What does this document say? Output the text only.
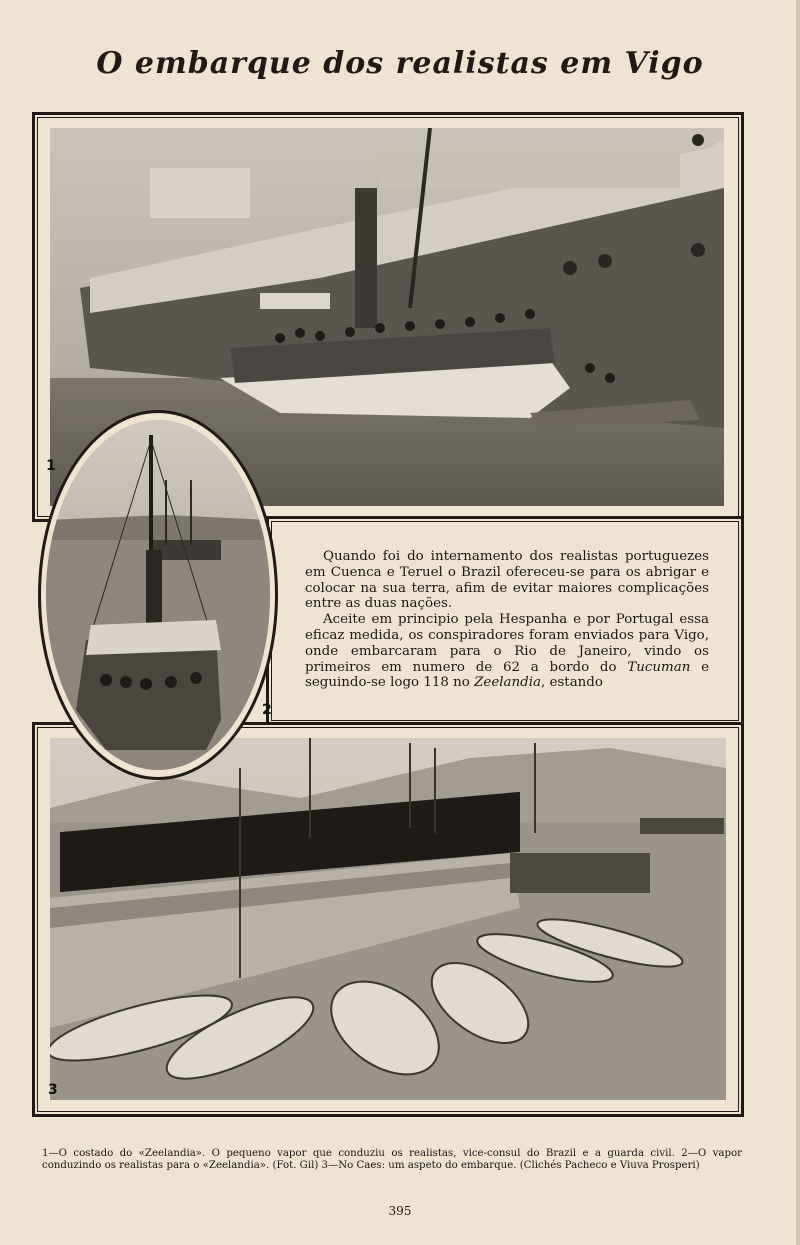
O embarque dos realistas em Vigo
1
3
2

Quando foi do internamento dos realistas portuguezes em Cuenca e Teruel o Brazil ofereceu-se para os abrigar e colocar na sua terra, afim de evitar maiores complicações entre as duas nações.

Aceite em principio pela Hespanha e por Portugal essa eficaz medida, os conspiradores foram enviados para Vigo, onde embarcaram para o Rio de Janeiro, vindo os primeiros em numero de 62 a bordo do Tucuman e seguindo-se logo 118 no Zeelandia, estando

1—O costado do «Zeelandia». O pequeno vapor que conduziu os realistas, vice-consul do Brazil e a guarda civil. 2—O vapor conduzindo os realistas para o «Zeelandia». (Fot. Gil) 3—No Caes: um aspeto do embarque. (Clichés Pacheco e Viuva Prosperi)
395
